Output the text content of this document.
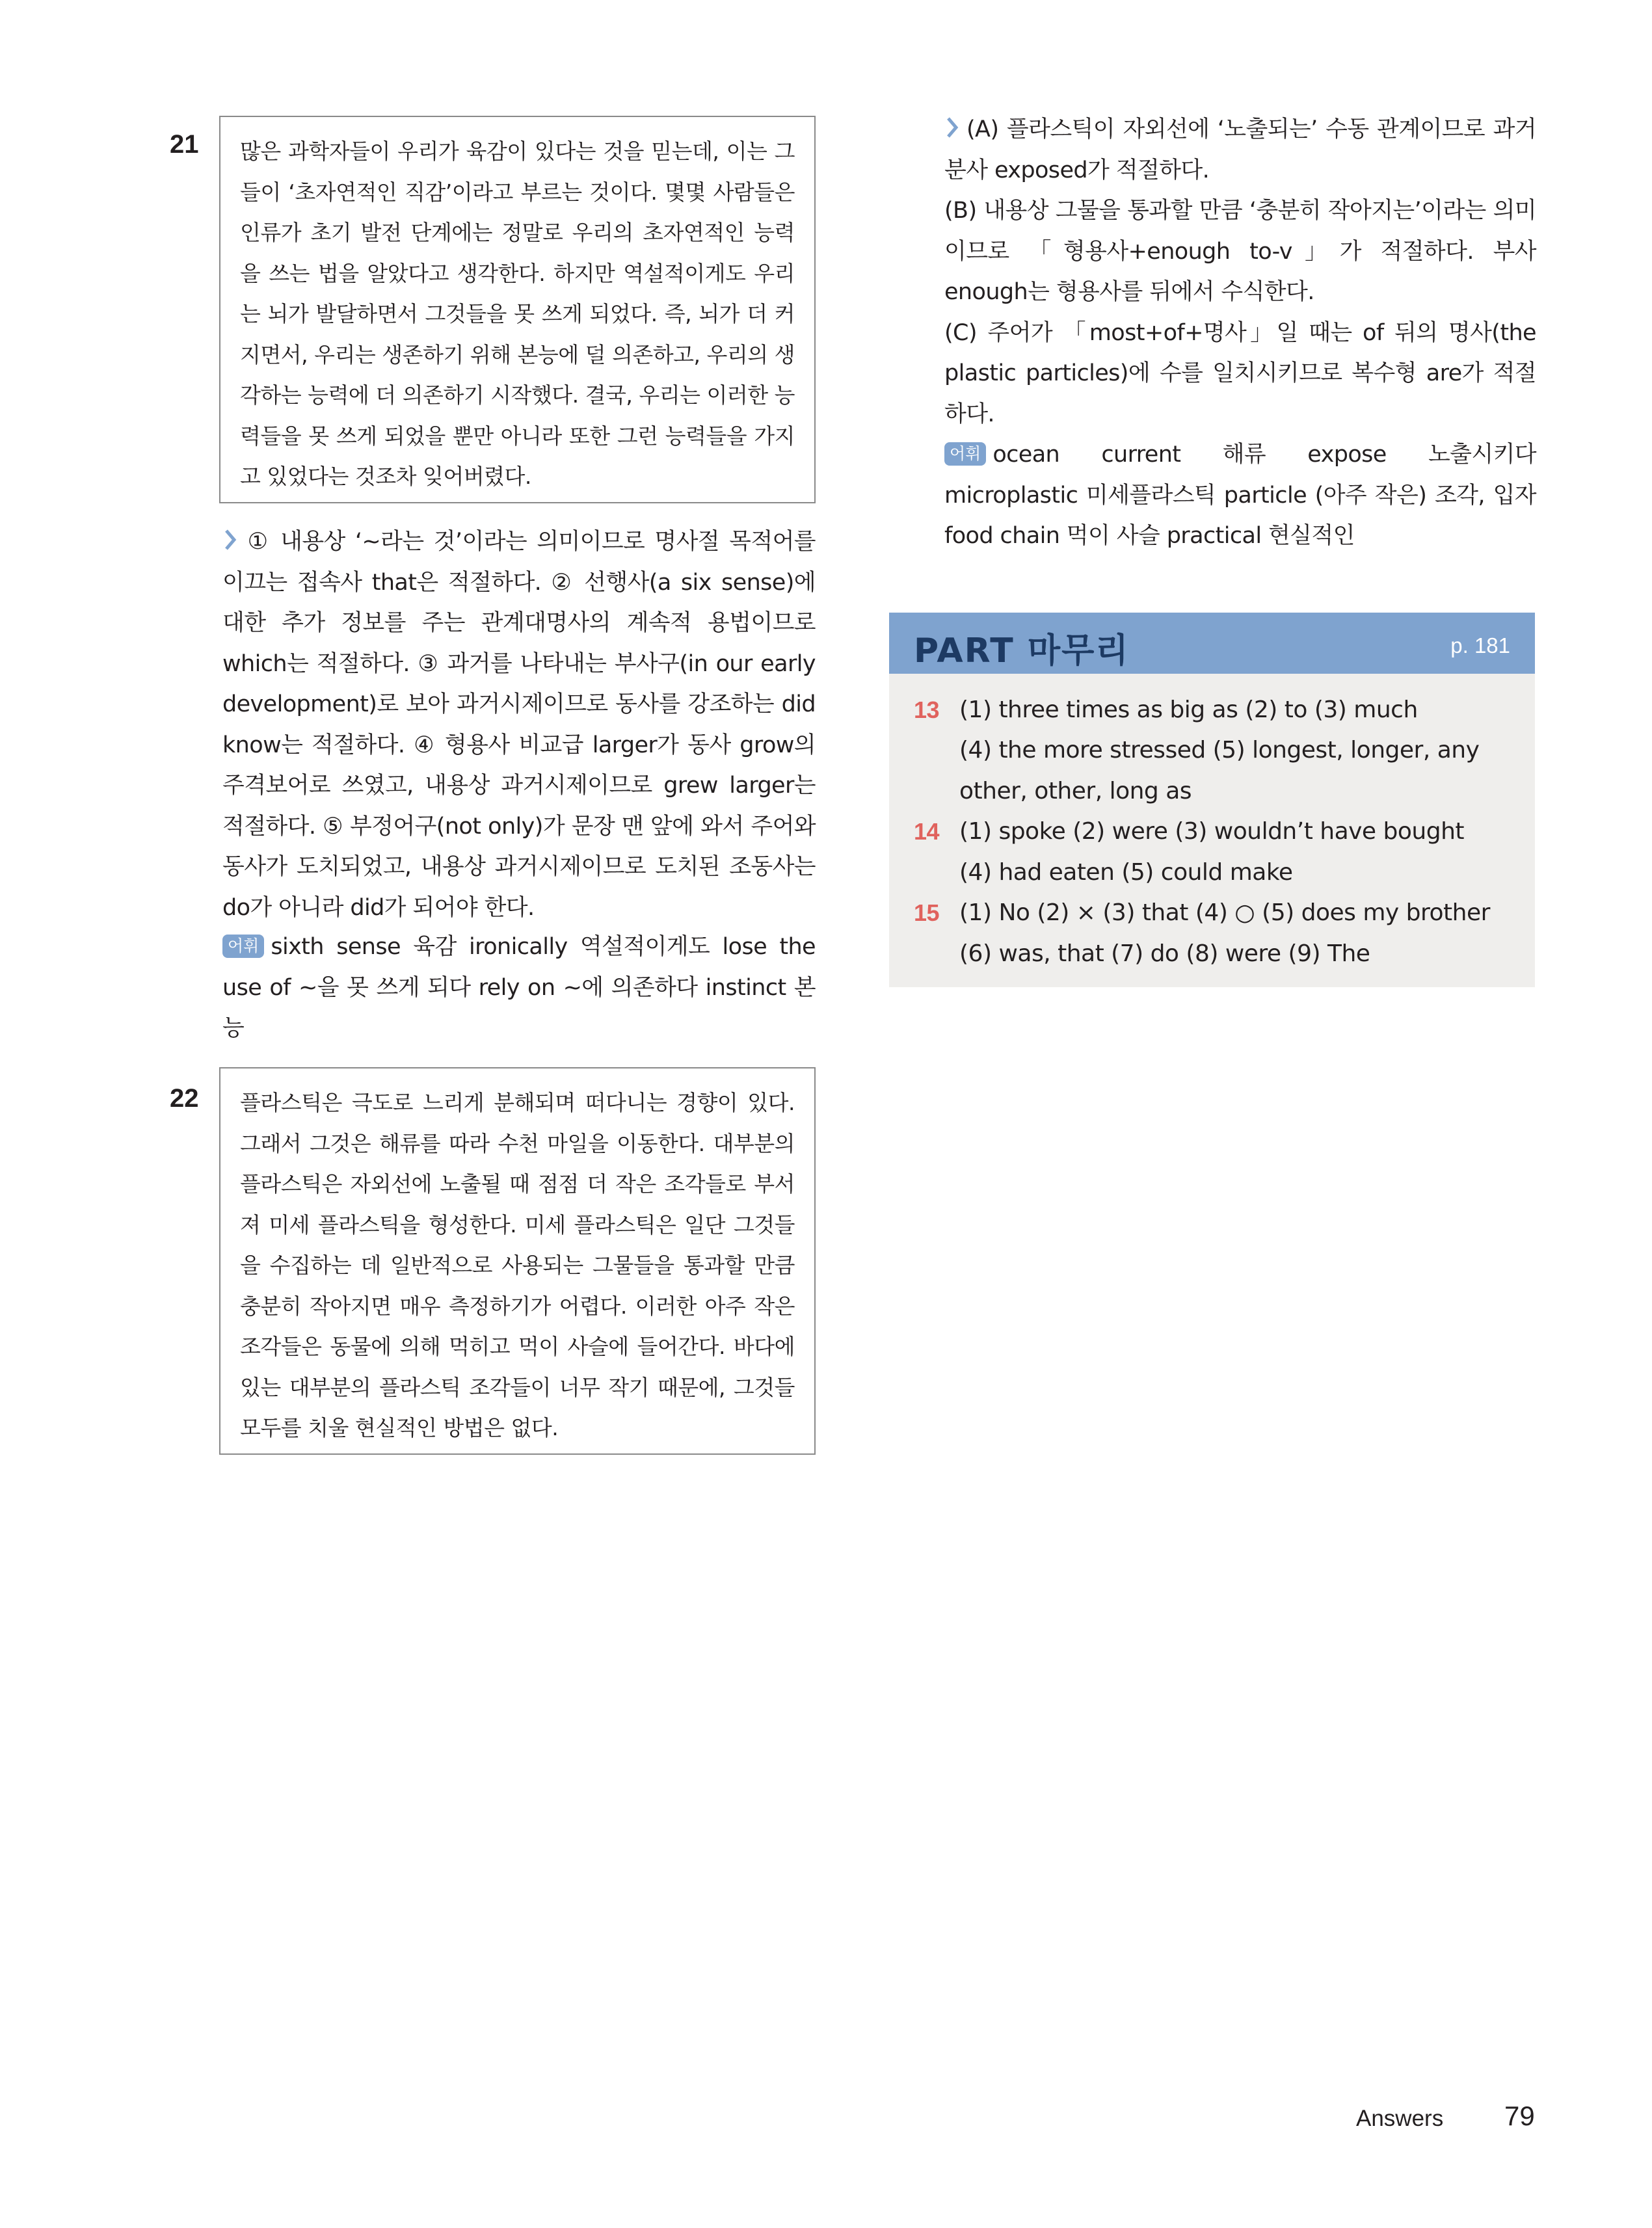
21	많은 과학자들이 우리가 육감이 있다는 것을 믿는데, 이는 그들이 ‘초자연적인 직감’이라고 부르는 것이다. 몇몇 사람들은 인류가 초기 발전 단계에는 정말로 우리의 초자연적인 능력을 쓰는 법을 알았다고 생각한다. 하지만 역설적이게도 우리는 뇌가 발달하면서 그것들을 못 쓰게 되었다. 즉, 뇌가 더 커지면서, 우리는 생존하기 위해 본능에 덜 의존하고, 우리의 생각하는 능력에 더 의존하기 시작했다. 결국, 우리는 이러한 능력들을 못 쓰게 되었을 뿐만 아니라 또한 그런 능력들을 가지고 있었다는 것조차 잊어버렸다.
① 내용상 ‘~라는 것’이라는 의미이므로 명사절 목적어를 이끄는 접속사 that은 적절하다. ② 선행사(a six sense)에 대한 추가 정보를 주는 관계대명사의 계속적 용법이므로 which는 적절하다. ③ 과거를 나타내는 부사구(in our early development)로 보아 과거시제이므로 동사를 강조하는 did know는 적절하다. ④ 형용사 비교급 larger가 동사 grow의 주격보어로 쓰였고, 내용상 과거시제이므로 grew larger는 적절하다. ⑤ 부정어구(not only)가 문장 맨 앞에 와서 주어와 동사가 도치되었고, 내용상 과거시제이므로 도치된 조동사는 do가 아니라 did가 되어야 한다.
어휘 sixth sense 육감 ironically 역설적이게도 lose the use of ~을 못 쓰게 되다 rely on ~에 의존하다 instinct 본능
22	플라스틱은 극도로 느리게 분해되며 떠다니는 경향이 있다. 그래서 그것은 해류를 따라 수천 마일을 이동한다. 대부분의 플라스틱은 자외선에 노출될 때 점점 더 작은 조각들로 부서져 미세 플라스틱을 형성한다. 미세 플라스틱은 일단 그것들을 수집하는 데 일반적으로 사용되는 그물들을 통과할 만큼 충분히 작아지면 매우 측정하기가 어렵다. 이러한 아주 작은 조각들은 동물에 의해 먹히고 먹이 사슬에 들어간다. 바다에 있는 대부분의 플라스틱 조각들이 너무 작기 때문에, 그것들 모두를 치울 현실적인 방법은 없다.
(A) 플라스틱이 자외선에 ‘노출되는’ 수동 관계이므로 과거분사 exposed가 적절하다.
(B) 내용상 그물을 통과할 만큼 ‘충분히 작아지는’이라는 의미이므로 「형용사+enough to-v」가 적절하다. 부사 enough는 형용사를 뒤에서 수식한다.
(C) 주어가 「most+of+명사」일 때는 of 뒤의 명사(the plastic particles)에 수를 일치시키므로 복수형 are가 적절하다.
어휘 ocean current 해류 expose 노출시키다 microplastic 미세플라스틱 particle (아주 작은) 조각, 입자 food chain 먹이 사슬 practical 현실적인
PART 마무리	p. 181
13 (1) three times as big as (2) to (3) much
(4) the more stressed (5) longest, longer, any
other, other, long as
14 (1) spoke (2) were (3) wouldn’t have bought
(4) had eaten (5) could make
15 (1) No (2) × (3) that (4) ○ (5) does my brother
(6) was, that (7) do (8) were (9) The
Answers 79
